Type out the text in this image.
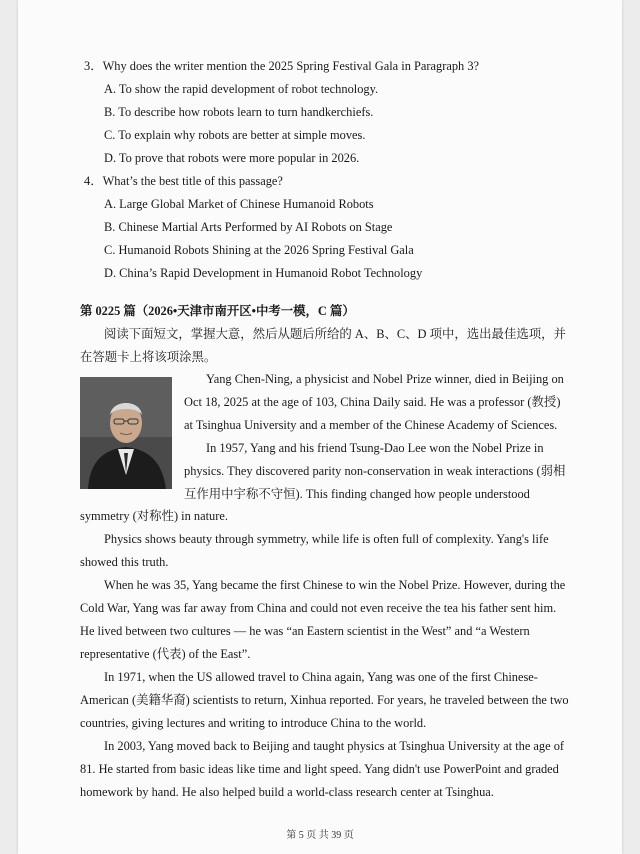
3．Why does the writer mention the 2025 Spring Festival Gala in Paragraph 3?
A. To show the rapid development of robot technology.
B. To describe how robots learn to turn handkerchiefs.
C. To explain why robots are better at simple moves.
D. To prove that robots were more popular in 2026.
4．What’s the best title of this passage?
A. Large Global Market of Chinese Humanoid Robots
B. Chinese Martial Arts Performed by AI Robots on Stage
C. Humanoid Robots Shining at the 2026 Spring Festival Gala
D. China’s Rapid Development in Humanoid Robot Technology
第 0225 篇（2026•天津市南开区•中考一模，C 篇）
阅读下面短文，掌握大意，然后从题后所给的 A、B、C、D 项中，选出最佳选项，并
在答题卡上将该项涂黑。
Yang Chen-Ning, a physicist and Nobel Prize winner, died in Beijing on
Oct 18, 2025 at the age of 103, China Daily said. He was a professor (教授)
at Tsinghua University and a member of the Chinese Academy of Sciences.
In 1957, Yang and his friend Tsung-Dao Lee won the Nobel Prize in
physics. They discovered parity non-conservation in weak interactions (弱相
互作用中宇称不守恒). This finding changed how people understood
symmetry (对称性) in nature.
Physics shows beauty through symmetry, while life is often full of complexity. Yang's life
showed this truth.
When he was 35, Yang became the first Chinese to win the Nobel Prize. However, during the
Cold War, Yang was far away from China and could not even receive the tea his father sent him.
He lived between two cultures — he was “an Eastern scientist in the West” and “a Western
representative (代表) of the East”.
In 1971, when the US allowed travel to China again, Yang was one of the first Chinese-
American (美籍华裔) scientists to return, Xinhua reported. For years, he traveled between the two
countries, giving lectures and writing to introduce China to the world.
In 2003, Yang moved back to Beijing and taught physics at Tsinghua University at the age of
81. He started from basic ideas like time and light speed. Yang didn't use PowerPoint and graded
homework by hand. He also helped build a world-class research center at Tsinghua.
第 5 页 共 39 页
